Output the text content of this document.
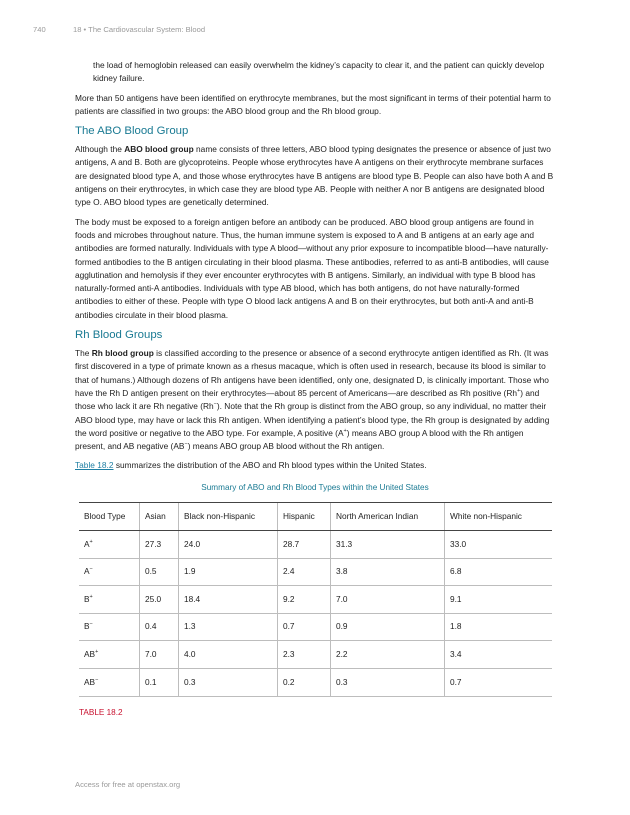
740	18 • The Cardiovascular System: Blood

the load of hemoglobin released can easily overwhelm the kidney’s capacity to clear it, and the patient can quickly develop kidney failure.

More than 50 antigens have been identified on erythrocyte membranes, but the most significant in terms of their potential harm to patients are classified in two groups: the ABO blood group and the Rh blood group.

The ABO Blood Group

Although the ABO blood group name consists of three letters, ABO blood typing designates the presence or absence of just two antigens, A and B. Both are glycoproteins. People whose erythrocytes have A antigens on their erythrocyte membrane surfaces are designated blood type A, and those whose erythrocytes have B antigens are blood type B. People can also have both A and B antigens on their erythrocytes, in which case they are blood type AB. People with neither A nor B antigens are designated blood type O. ABO blood types are genetically determined.

The body must be exposed to a foreign antigen before an antibody can be produced. ABO blood group antigens are found in foods and microbes throughout nature. Thus, the human immune system is exposed to A and B antigens at an early age and antibodies are formed naturally. Individuals with type A blood—without any prior exposure to incompatible blood—have naturally-formed antibodies to the B antigen circulating in their blood plasma. These antibodies, referred to as anti-B antibodies, will cause agglutination and hemolysis if they ever encounter erythrocytes with B antigens. Similarly, an individual with type B blood has naturally-formed anti-A antibodies. Individuals with type AB blood, which has both antigens, do not have naturally-formed antibodies to either of these. People with type O blood lack antigens A and B on their erythrocytes, but both anti-A and anti-B antibodies circulate in their blood plasma.

Rh Blood Groups

The Rh blood group is classified according to the presence or absence of a second erythrocyte antigen identified as Rh. (It was first discovered in a type of primate known as a rhesus macaque, which is often used in research, because its blood is similar to that of humans.) Although dozens of Rh antigens have been identified, only one, designated D, is clinically important. Those who have the Rh D antigen present on their erythrocytes—about 85 percent of Americans—are described as Rh positive (Rh+) and those who lack it are Rh negative (Rh−). Note that the Rh group is distinct from the ABO group, so any individual, no matter their ABO blood type, may have or lack this Rh antigen. When identifying a patient’s blood type, the Rh group is designated by adding the word positive or negative to the ABO type. For example, A positive (A+) means ABO group A blood with the Rh antigen present, and AB negative (AB−) means ABO group AB blood without the Rh antigen.

Table 18.2 summarizes the distribution of the ABO and Rh blood types within the United States.

Summary of ABO and Rh Blood Types within the United States
Blood Type	Asian	Black non-Hispanic	Hispanic	North American Indian	White non-Hispanic
A+	27.3	24.0	28.7	31.3	33.0
A−	0.5	1.9	2.4	3.8	6.8
B+	25.0	18.4	9.2	7.0	9.1
B−	0.4	1.3	0.7	0.9	1.8
AB+	7.0	4.0	2.3	2.2	3.4
AB−	0.1	0.3	0.2	0.3	0.7
TABLE 18.2
Access for free at openstax.org
